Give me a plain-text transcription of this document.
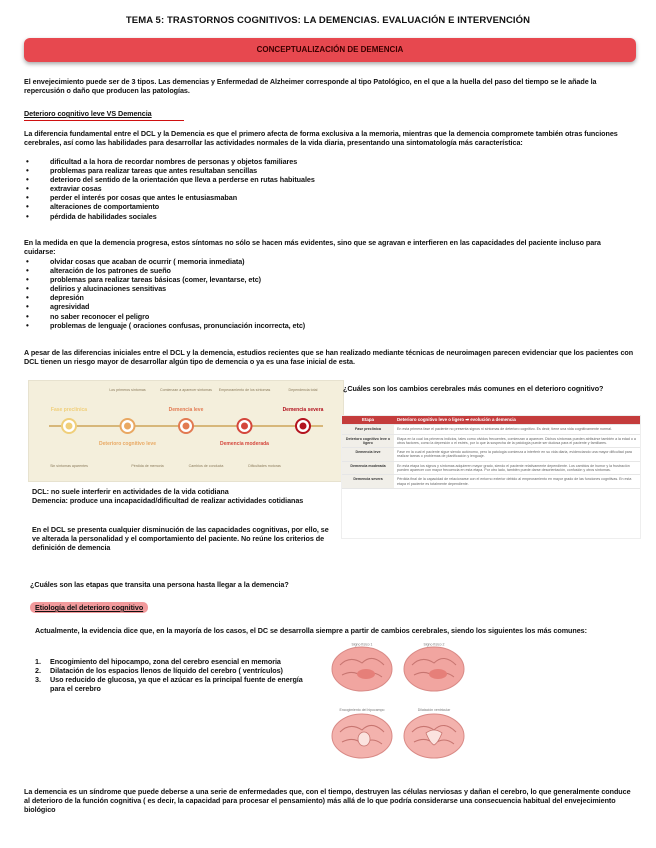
TEMA 5: TRASTORNOS COGNITIVOS: LA DEMENCIAS. EVALUACIÓN E INTERVENCIÓN
CONCEPTUALIZACIÓN DE DEMENCIA
El envejecimiento puede ser de 3 tipos. Las demencias y Enfermedad de Alzheimer corresponde al tipo Patológico, en el que a la huella del paso del tiempo se le añade la repercusión o daño que producen las patologías.
Deterioro cognitivo leve VS Demencia
La diferencia fundamental entre el DCL y la Demencia es que el primero afecta de forma exclusiva a la memoria, mientras que la demencia compromete también otras funciones cerebrales, así como las habilidades para desarrollar las actividades normales de la vida diaria, presentando una sintomatología más característica:
• dificultad a la hora de recordar nombres de personas y objetos familiares
• problemas para realizar tareas que antes resultaban sencillas
• deterioro del sentido de la orientación que lleva a perderse en rutas habituales
• extraviar cosas
• perder el interés por cosas que antes le entusiasmaban
• alteraciones de comportamiento
• pérdida de habilidades sociales
En la medida en que la demencia progresa, estos síntomas no sólo se hacen más evidentes, sino que se agravan e interfieren en las capacidades del paciente incluso para cuidarse:
• olvidar cosas que acaban de ocurrir ( memoria inmediata)
• alteración de los patrones de sueño
• problemas para realizar tareas básicas (comer, levantarse, etc)
• delirios y alucinaciones sensitivas
• depresión
• agresividad
• no saber reconocer el peligro
• problemas de lenguaje ( oraciones confusas, pronunciación incorrecta, etc)
A pesar de las diferencias iniciales entre el DCL y la demencia, estudios recientes que se han realizado mediante técnicas de neuroimagen parecen evidenciar que los pacientes con DCL tienen un riesgo mayor de desarrollar algún tipo de demencia o ya es una fase inicial de esta.
Fase preclínica
Deterioro cognitivo leve
Demencia leve
Demencia moderada
Demencia severa
Los primeros síntomas	Comienzan a aparecer síntomas Empeoramiento de los síntomas	Dependencia total
Sin síntomas aparentes	Pérdida de memoria	Cambios de conducta	Dificultades motoras
¿Cuáles son los cambios cerebrales más comunes en el deterioro cognitivo?
Etapa	Deterioro cognitivo leve o ligero ➡ evolución a demencia
Fase preclínica	En esta primera fase el paciente no presenta signos ni síntomas de deterioro cognitivo. Es decir, tiene una vida cognitivamente normal.
Deterioro cognitivo leve o ligero	Etapa en la cual los primeros indicios, tales como olvidos frecuentes, comienzan a aparecer. Dichos síntomas pueden atribuirse también a la edad o a otros factores, como la depresión o el estrés, por lo que la sospecha de la patología puede ser dudosa para el paciente y familiares.
Demencia leve	Fase en la cual el paciente sigue siendo autónomo, pero la patología comienza a interferir en su vida diaria, evidenciando una mayor dificultad para realizar tareas o problemas de planificación y lenguaje.
Demencia moderada	En esta etapa los signos y síntomas adquieren mayor grado, siendo el paciente relativamente dependiente. Los cambios de humor y la frustración pueden aparecer con mayor frecuencia en esta etapa. Por otro lado, también puede darse desorientación, confusión y otros síntomas.
Demencia severa	Pérdida final de la capacidad de relacionarse con el entorno exterior debido al empeoramiento en mayor grado de las funciones cognitivas. En esta etapa el paciente es totalmente dependiente.
DCL: no suele interferir en actividades de la vida cotidiana
Demencia: produce una incapacidad/dificultad de realizar actividades cotidianas
En el DCL se presenta cualquier disminución de las capacidades cognitivas, por ello, se ve alterada la personalidad y el comportamiento del paciente. No reúne los criterios de definición de demencia
¿Cuáles son las etapas que transita una persona hasta llegar a la demencia?
Etiología del deterioro cognitivo
Actualmente, la evidencia dice que, en la mayoría de los casos, el DC se desarrolla siempre a partir de cambios cerebrales, siendo los siguientes los más comunes:
1. Encogimiento del hipocampo, zona del cerebro esencial en memoria
2. Dilatación de los espacios llenos de líquido del cerebro ( ventrículos)
3. Uso reducido de glucosa, ya que el azúcar es la principal fuente de energía para el cerebro
Signo físico 1	Signo físico 2
Encogimiento del hipocampo	Dilatación ventricular
La demencia es un síndrome que puede deberse a una serie de enfermedades que, con el tiempo, destruyen las células nerviosas y dañan el cerebro, lo que generalmente conduce al deterioro de la función cognitiva ( es decir, la capacidad para procesar el pensamiento) más allá de lo que podría considerarse una consecuencia habitual del envejecimiento biológico
